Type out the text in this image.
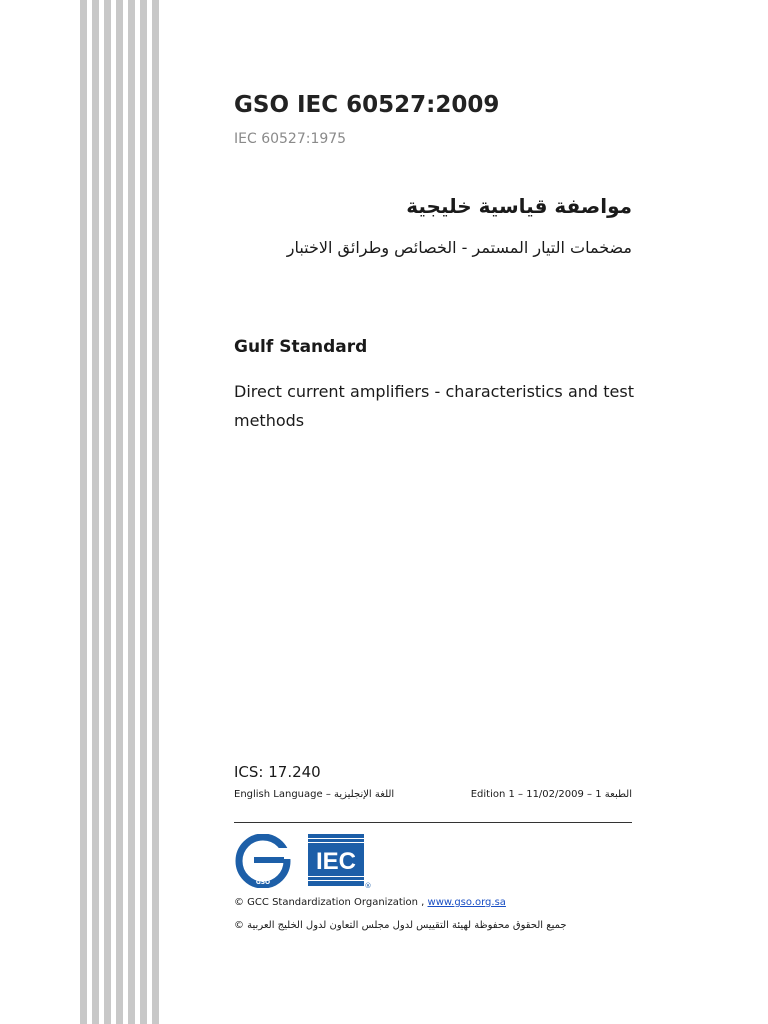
GSO IEC 60527:2009
IEC 60527:1975
مواصفة قياسية خليجية
مضخمات التيار المستمر - الخصائص وطرائق الاختبار
Gulf Standard
Direct current amplifiers - characteristics and test methods
ICS: 17.240
English Language – اللغة الإنجليزية	Edition 1 – 11/02/2009 – الطبعة 1
GSO
IEC
®
© GCC Standardization Organization , www.gso.org.sa
جميع الحقوق محفوظة لهيئة التقييس لدول مجلس التعاون لدول الخليج العربية ©
